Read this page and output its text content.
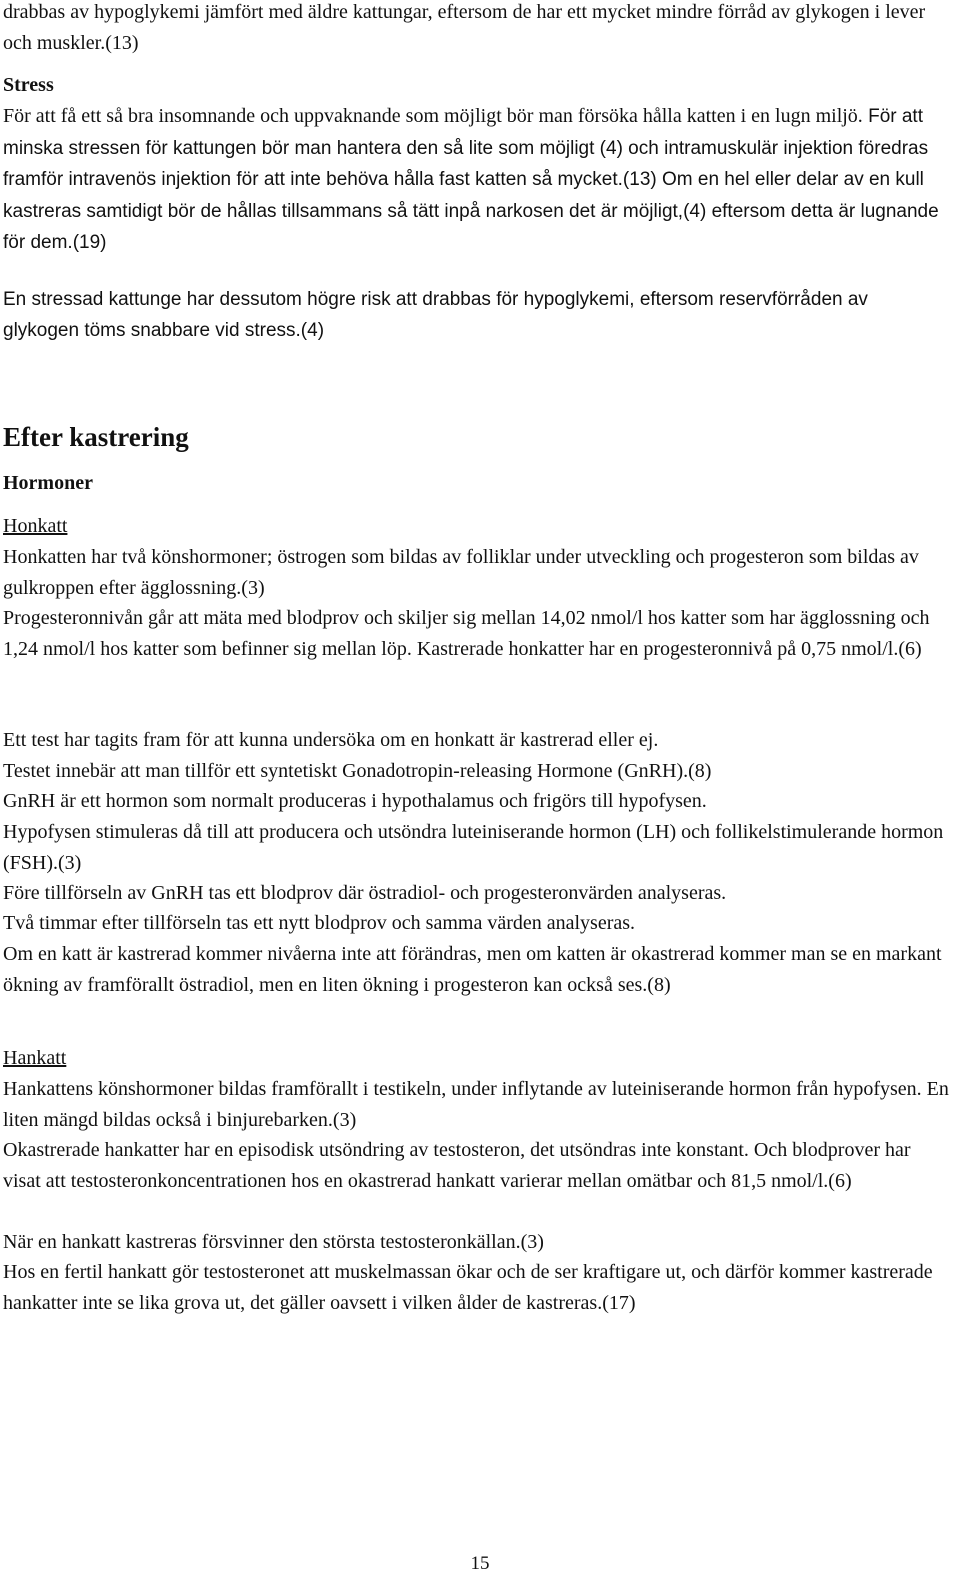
drabbas av hypoglykemi jämfört med äldre kattungar, eftersom de har ett mycket mindre förråd av glykogen i lever och muskler.(13)

Stress

För att få ett så bra insomnande och uppvaknande som möjligt bör man försöka hålla katten i en lugn miljö. För att minska stressen för kattungen bör man hantera den så lite som möjligt (4) och intramuskulär injektion föredras framför intravenös injektion för att inte behöva hålla fast katten så mycket.(13) Om en hel eller delar av en kull kastreras samtidigt bör de hållas tillsammans så tätt inpå narkosen det är möjligt,(4) eftersom detta är lugnande för dem.(19)

En stressad kattunge har dessutom högre risk att drabbas för hypoglykemi, eftersom reservförråden av glykogen töms snabbare vid stress.(4)

Efter kastrering

Hormoner

Honkatt

Honkatten har två könshormoner; östrogen som bildas av folliklar under utveckling och progesteron som bildas av gulkroppen efter ägglossning.(3)

Progesteronnivån går att mäta med blodprov och skiljer sig mellan 14,02 nmol/l hos katter som har ägglossning och 1,24 nmol/l hos katter som befinner sig mellan löp. Kastrerade honkatter har en progesteronnivå på 0,75 nmol/l.(6)

Ett test har tagits fram för att kunna undersöka om en honkatt är kastrerad eller ej.

Testet innebär att man tillför ett syntetiskt Gonadotropin-releasing Hormone (GnRH).(8)

GnRH är ett hormon som normalt produceras i hypothalamus och frigörs till hypofysen.

Hypofysen stimuleras då till att producera och utsöndra luteiniserande hormon (LH) och follikelstimulerande hormon (FSH).(3)

Före tillförseln av GnRH tas ett blodprov där östradiol- och progesteronvärden analyseras.

Två timmar efter tillförseln tas ett nytt blodprov och samma värden analyseras.

Om en katt är kastrerad kommer nivåerna inte att förändras, men om katten är okastrerad kommer man se en markant ökning av framförallt östradiol, men en liten ökning i progesteron kan också ses.(8)

Hankatt

Hankattens könshormoner bildas framförallt i testikeln, under inflytande av luteiniserande hormon från hypofysen. En liten mängd bildas också i binjurebarken.(3)

Okastrerade hankatter har en episodisk utsöndring av testosteron, det utsöndras inte konstant. Och blodprover har visat att testosteronkoncentrationen hos en okastrerad hankatt varierar mellan omätbar och 81,5 nmol/l.(6)

När en hankatt kastreras försvinner den största testosteronkällan.(3)

Hos en fertil hankatt gör testosteronet att muskelmassan ökar och de ser kraftigare ut, och därför kommer kastrerade hankatter inte se lika grova ut, det gäller oavsett i vilken ålder de kastreras.(17)

15
